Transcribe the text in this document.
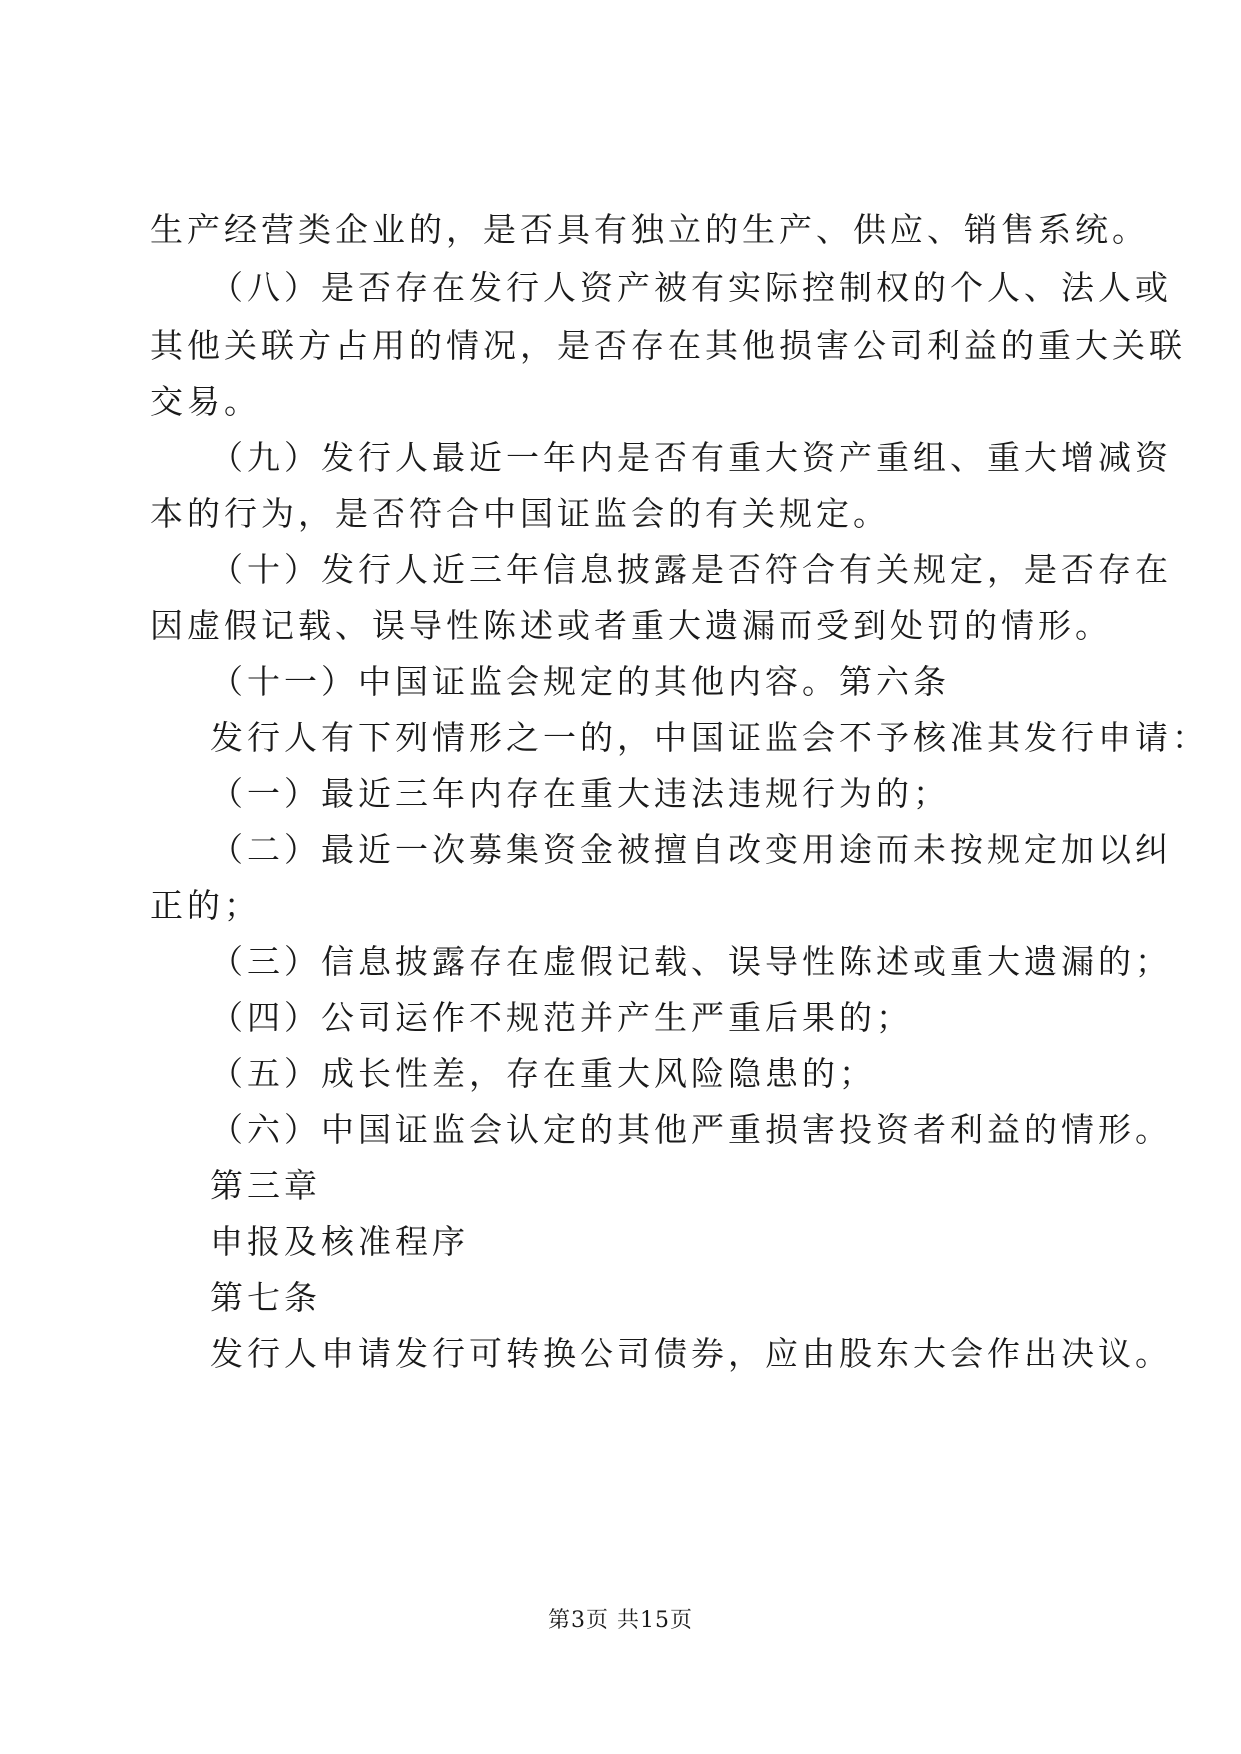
生产经营类企业的，是否具有独立的生产、供应、销售系统。
（八）是否存在发行人资产被有实际控制权的个人、法人或
其他关联方占用的情况，是否存在其他损害公司利益的重大关联
交易。
（九）发行人最近一年内是否有重大资产重组、重大增减资
本的行为，是否符合中国证监会的有关规定。
（十）发行人近三年信息披露是否符合有关规定，是否存在
因虚假记载、误导性陈述或者重大遗漏而受到处罚的情形。
（十一）中国证监会规定的其他内容。第六条
发行人有下列情形之一的，中国证监会不予核准其发行申请：
（一）最近三年内存在重大违法违规行为的；
（二）最近一次募集资金被擅自改变用途而未按规定加以纠
正的；
（三）信息披露存在虚假记载、误导性陈述或重大遗漏的；
（四）公司运作不规范并产生严重后果的；
（五）成长性差，存在重大风险隐患的；
（六）中国证监会认定的其他严重损害投资者利益的情形。
第三章
申报及核准程序
第七条
发行人申请发行可转换公司债券，应由股东大会作出决议。
第3页 共15页
